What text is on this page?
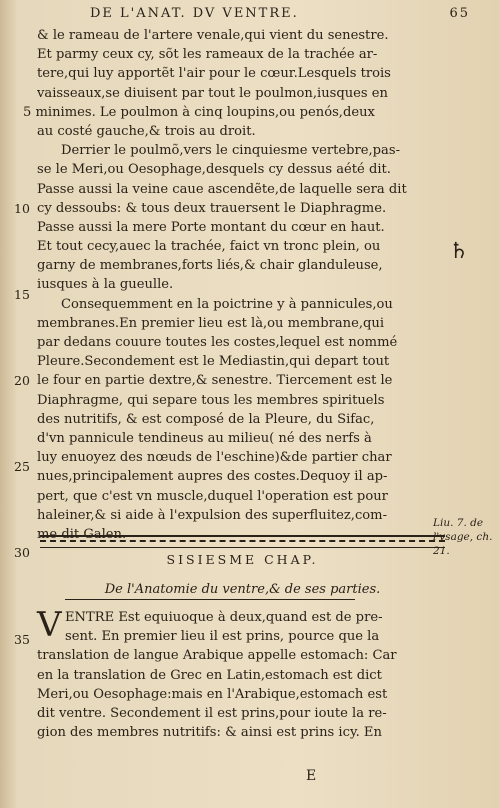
DE L'ANAT. DV VENTRE.	65
& le rameau de l'artere venale,qui vient du senestre.
Et parmy ceux cy, sõt les rameaux de la trachée ar-
tere,qui luy apportẽt l'air pour le cœur.Lesquels trois
vaisseaux,se diuisent par tout le poulmon,iusques en
5 minimes. Le poulmon à cinq loupins,ou penós,deux
au costé gauche,& trois au droit.
Derrier le poulmõ,vers le cinquiesme vertebre,pas-
se le Meri,ou Oesophage,desquels cy dessus aété dit.
Passe aussi la veine caue ascendẽte,de laquelle sera dit
cy dessoubs: & tous deux trauersent le Diaphragme.
Passe aussi la mere Porte montant du cœur en haut.
Et tout cecy,auec la trachée, faict vn tronc plein, ou
garny de membranes,forts liés,& chair glanduleuse,
iusques à la gueulle.
Consequemment en la poictrine y à pannicules,ou
membranes.En premier lieu est là,ou membrane,qui
par dedans couure toutes les costes,lequel est nommé
Pleure.Secondement est le Mediastin,qui depart tout
le four en partie dextre,& senestre. Tiercement est le
Diaphragme, qui separe tous les membres spirituels
des nutritifs, & est composé de la Pleure, du Sifac,
d'vn pannicule tendineus au milieu( né des nerfs à
luy enuoyez des nœuds de l'eschine)&de partier char
nues,principalement aupres des costes.Dequoy il ap-
pert, que c'est vn muscle,duquel l'operation est pour
haleiner,& si aide à l'expulsion des superfluitez,com-
me dit Galen.
10
15
20
25
30
35
♄
Liu. 7. de
l'vsage, ch.
21.
SISIESME CHAP.
De l'Anatomie du ventre,& de ses parties.
V ENTRE Est equiuoque à deux,quand est de pre-
sent. En premier lieu il est prins, pource que la
translation de langue Arabique appelle estomach: Car
en la translation de Grec en Latin,estomach est dict
Meri,ou Oesophage:mais en l'Arabique,estomach est
dit ventre. Secondement il est prins,pour ioute la re-
gion des membres nutritifs: & ainsi est prins icy. En
E
